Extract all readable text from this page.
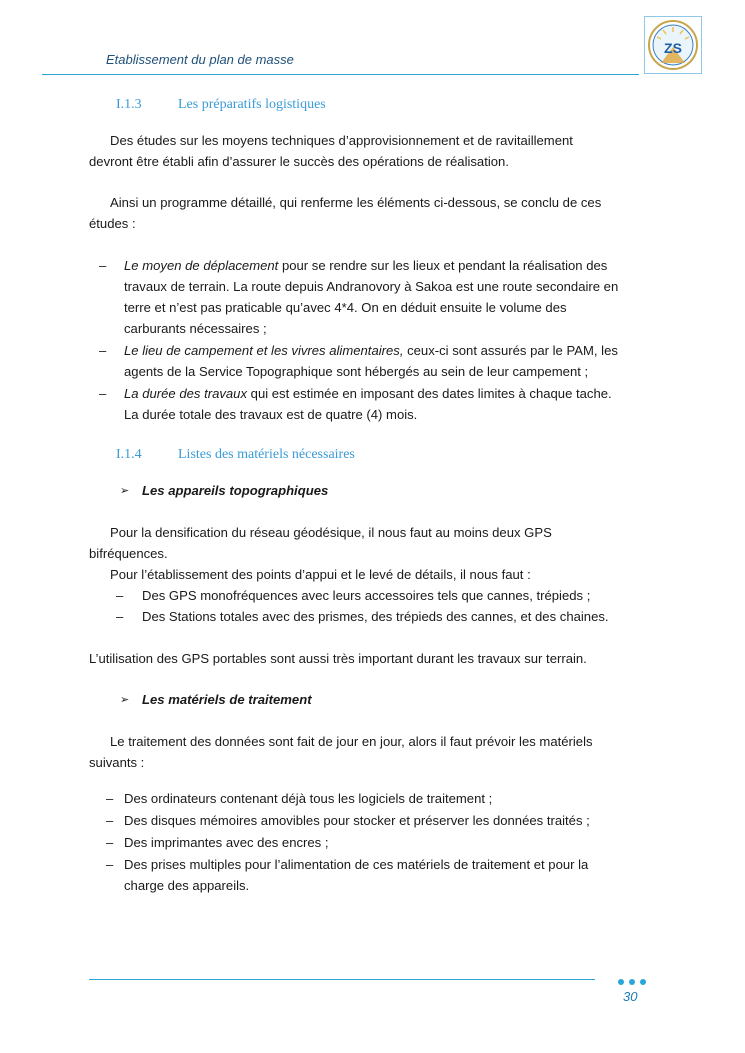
Etablissement du plan de masse
ZS
I.1.3	Les préparatifs logistiques
Des études sur les moyens techniques d’approvisionnement et de ravitaillement
devront être établi afin d’assurer le succès des opérations de réalisation.
Ainsi un programme détaillé, qui renferme les éléments ci-dessous, se conclu de ces
études :
– Le moyen de déplacement pour se rendre sur les lieux et pendant la réalisation des
travaux de terrain. La route depuis Andranovory à Sakoa est une route secondaire en
terre et n’est pas praticable qu’avec 4*4. On en déduit ensuite le volume des
carburants nécessaires ;
– Le lieu de campement et les vivres alimentaires, ceux-ci sont assurés par le PAM, les
agents de la Service Topographique sont hébergés au sein de leur campement ;
– La durée des travaux qui est estimée en imposant des dates limites à chaque tache.
La durée totale des travaux est de quatre (4) mois.
I.1.4	Listes des matériels nécessaires
➢ Les appareils topographiques
Pour la densification du réseau géodésique, il nous faut au moins deux GPS
bifréquences.
Pour l’établissement des points d’appui et le levé de détails, il nous faut :
– Des GPS monofréquences avec leurs accessoires tels que cannes, trépieds ;
– Des Stations totales avec des prismes, des trépieds des cannes, et des chaines.
L’utilisation des GPS portables sont aussi très important durant les travaux sur terrain.
➢ Les matériels de traitement
Le traitement des données sont fait de jour en jour, alors il faut prévoir les matériels
suivants :
– Des ordinateurs contenant déjà tous les logiciels de traitement ;
– Des disques mémoires amovibles pour stocker et préserver les données traités ;
– Des imprimantes avec des encres ;
– Des prises multiples pour l’alimentation de ces matériels de traitement et pour la
charge des appareils.
30
